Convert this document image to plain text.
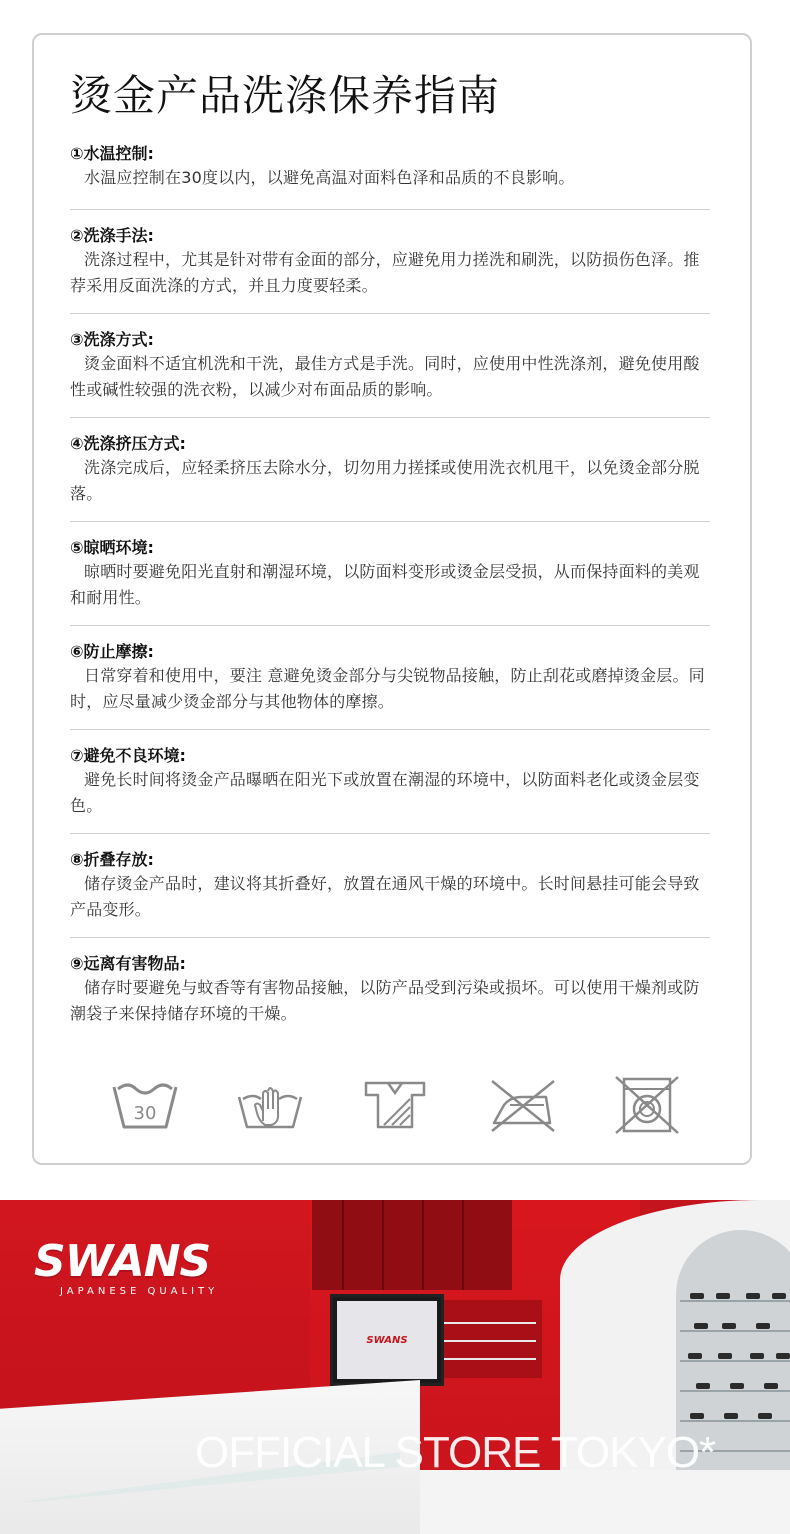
烫金产品洗涤保养指南

①水温控制:

水温应控制在30度以内，以避免高温对面料色泽和品质的不良影响。

②洗涤手法:

洗涤过程中，尤其是针对带有金面的部分，应避免用力搓洗和刷洗，以防损伤色泽。推荐采用反面洗涤的方式，并且力度要轻柔。

③洗涤方式:

烫金面料不适宜机洗和干洗，最佳方式是手洗。同时，应使用中性洗涤剂，避免使用酸性或碱性较强的洗衣粉，以减少对布面品质的影响。

④洗涤挤压方式:

洗涤完成后，应轻柔挤压去除水分，切勿用力搓揉或使用洗衣机甩干，以免烫金部分脱落。

⑤晾晒环境:

晾晒时要避免阳光直射和潮湿环境，以防面料变形或烫金层受损，从而保持面料的美观和耐用性。

⑥防止摩擦:

日常穿着和使用中，要注 意避免烫金部分与尖锐物品接触，防止刮花或磨掉烫金层。同时，应尽量减少烫金部分与其他物体的摩擦。

⑦避免不良环境:

避免长时间将烫金产品曝晒在阳光下或放置在潮湿的环境中，以防面料老化或烫金层变色。

⑧折叠存放:

储存烫金产品时，建议将其折叠好，放置在通风干燥的环境中。长时间悬挂可能会导致产品变形。

⑨远离有害物品:

储存时要避免与蚊香等有害物品接触，以防产品受到污染或损坏。可以使用干燥剂或防潮袋子来保持储存环境的干燥。

30
SWANS

SWANS

JAPANESE QUALITY

OFFICIAL STORE TOKYO*
